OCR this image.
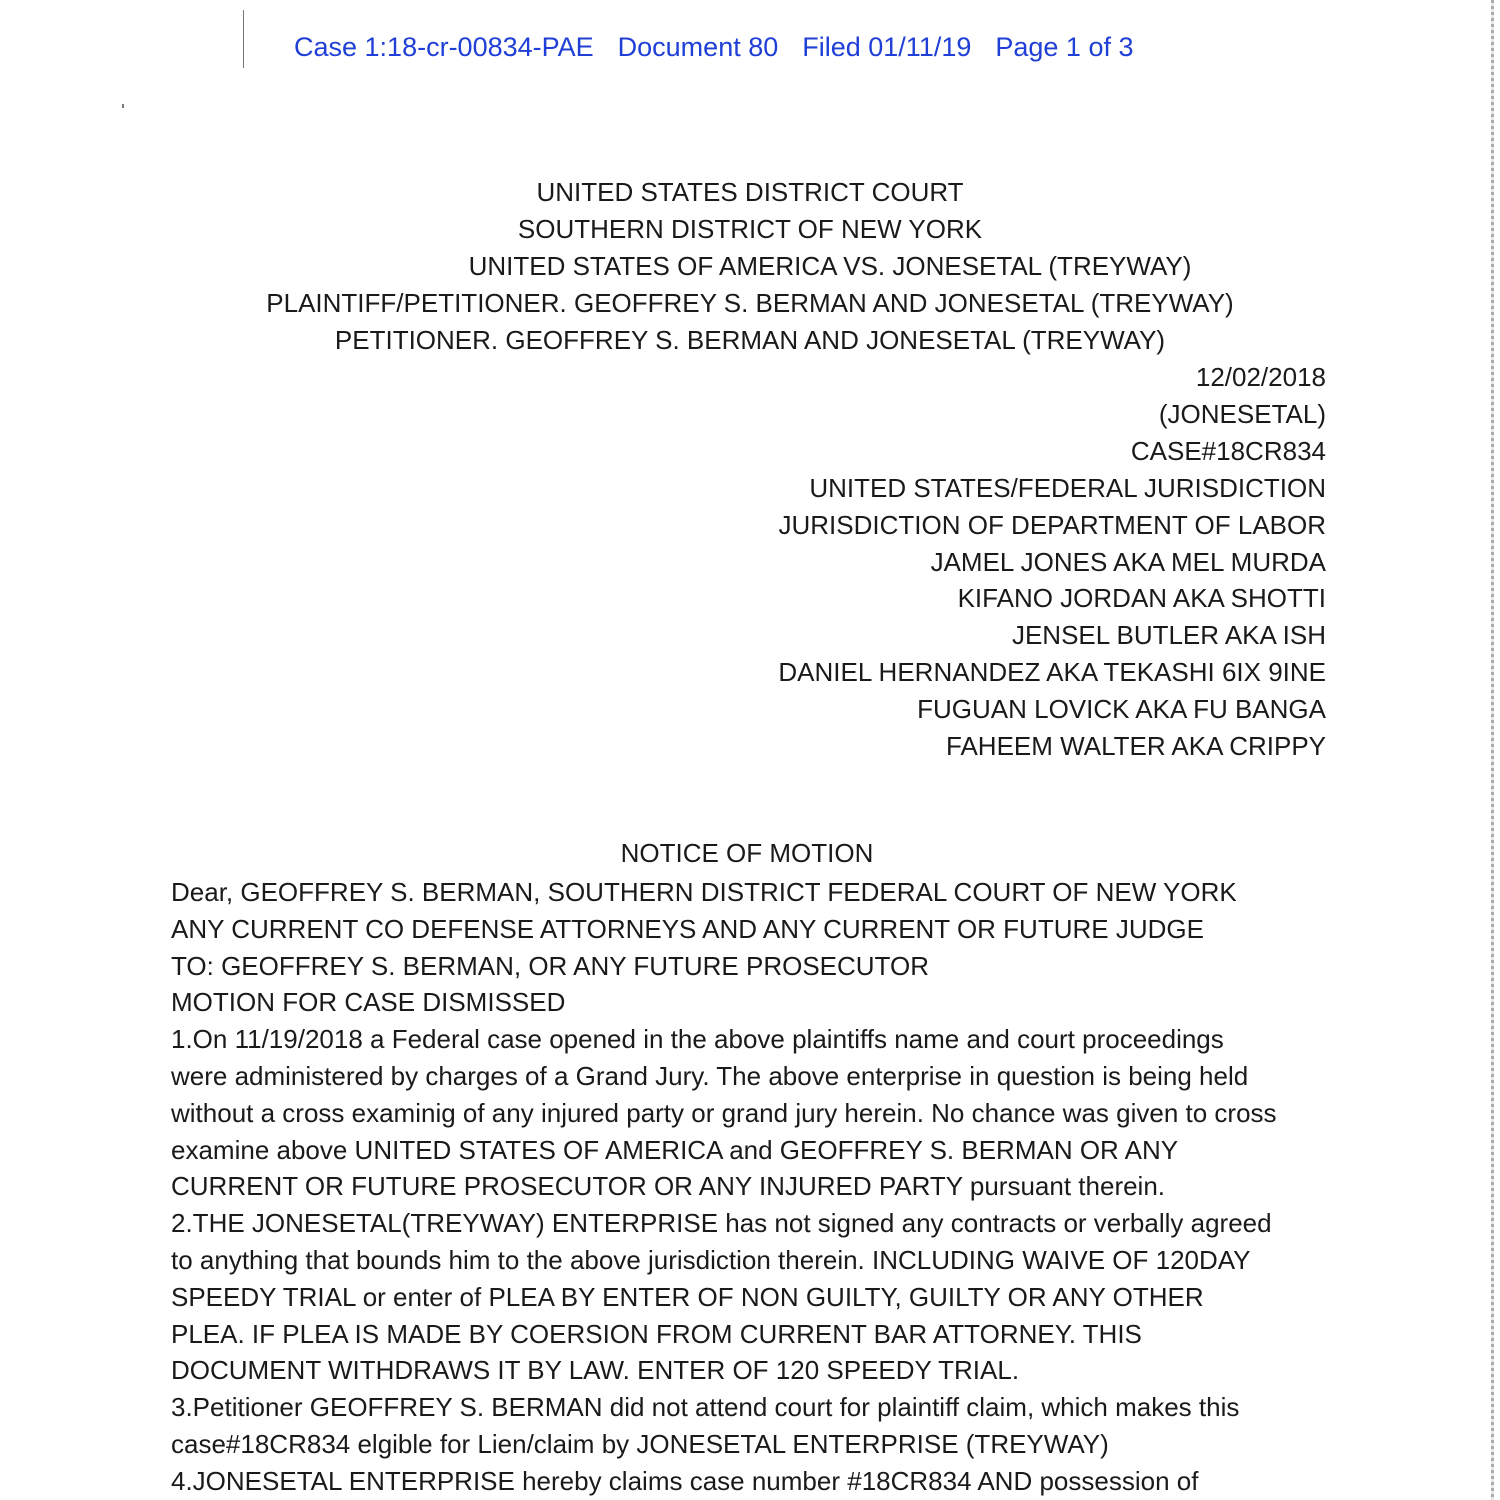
Case 1:18-cr-00834-PAE Document 80 Filed 01/11/19 Page 1 of 3
UNITED STATES DISTRICT COURT
SOUTHERN DISTRICT OF NEW YORK
UNITED STATES OF AMERICA VS. JONESETAL (TREYWAY)
PLAINTIFF/PETITIONER. GEOFFREY S. BERMAN AND JONESETAL (TREYWAY)
PETITIONER. GEOFFREY S. BERMAN AND JONESETAL (TREYWAY)
12/02/2018
(JONESETAL)
CASE#18CR834
UNITED STATES/FEDERAL JURISDICTION
JURISDICTION OF DEPARTMENT OF LABOR
JAMEL JONES AKA MEL MURDA
KIFANO JORDAN AKA SHOTTI
JENSEL BUTLER AKA ISH
DANIEL HERNANDEZ AKA TEKASHI 6IX 9INE
FUGUAN LOVICK AKA FU BANGA
FAHEEM WALTER AKA CRIPPY
NOTICE OF MOTION
Dear, GEOFFREY S. BERMAN, SOUTHERN DISTRICT FEDERAL COURT OF NEW YORK
ANY CURRENT CO DEFENSE ATTORNEYS AND ANY CURRENT OR FUTURE JUDGE
TO: GEOFFREY S. BERMAN, OR ANY FUTURE PROSECUTOR
MOTION FOR CASE DISMISSED
1.On 11/19/2018 a Federal case opened in the above plaintiffs name and court proceedings
were administered by charges of a Grand Jury. The above enterprise in question is being held
without a cross examinig of any injured party or grand jury herein. No chance was given to cross
examine above UNITED STATES OF AMERICA and GEOFFREY S. BERMAN OR ANY
CURRENT OR FUTURE PROSECUTOR OR ANY INJURED PARTY pursuant therein.
2.THE JONESETAL(TREYWAY) ENTERPRISE has not signed any contracts or verbally agreed
to anything that bounds him to the above jurisdiction therein. INCLUDING WAIVE OF 120DAY
SPEEDY TRIAL or enter of PLEA BY ENTER OF NON GUILTY, GUILTY OR ANY OTHER
PLEA. IF PLEA IS MADE BY COERSION FROM CURRENT BAR ATTORNEY. THIS
DOCUMENT WITHDRAWS IT BY LAW. ENTER OF 120 SPEEDY TRIAL.
3.Petitioner GEOFFREY S. BERMAN did not attend court for plaintiff claim, which makes this
case#18CR834 elgible for Lien/claim by JONESETAL ENTERPRISE (TREYWAY)
4.JONESETAL ENTERPRISE hereby claims case number #18CR834 AND possession of
